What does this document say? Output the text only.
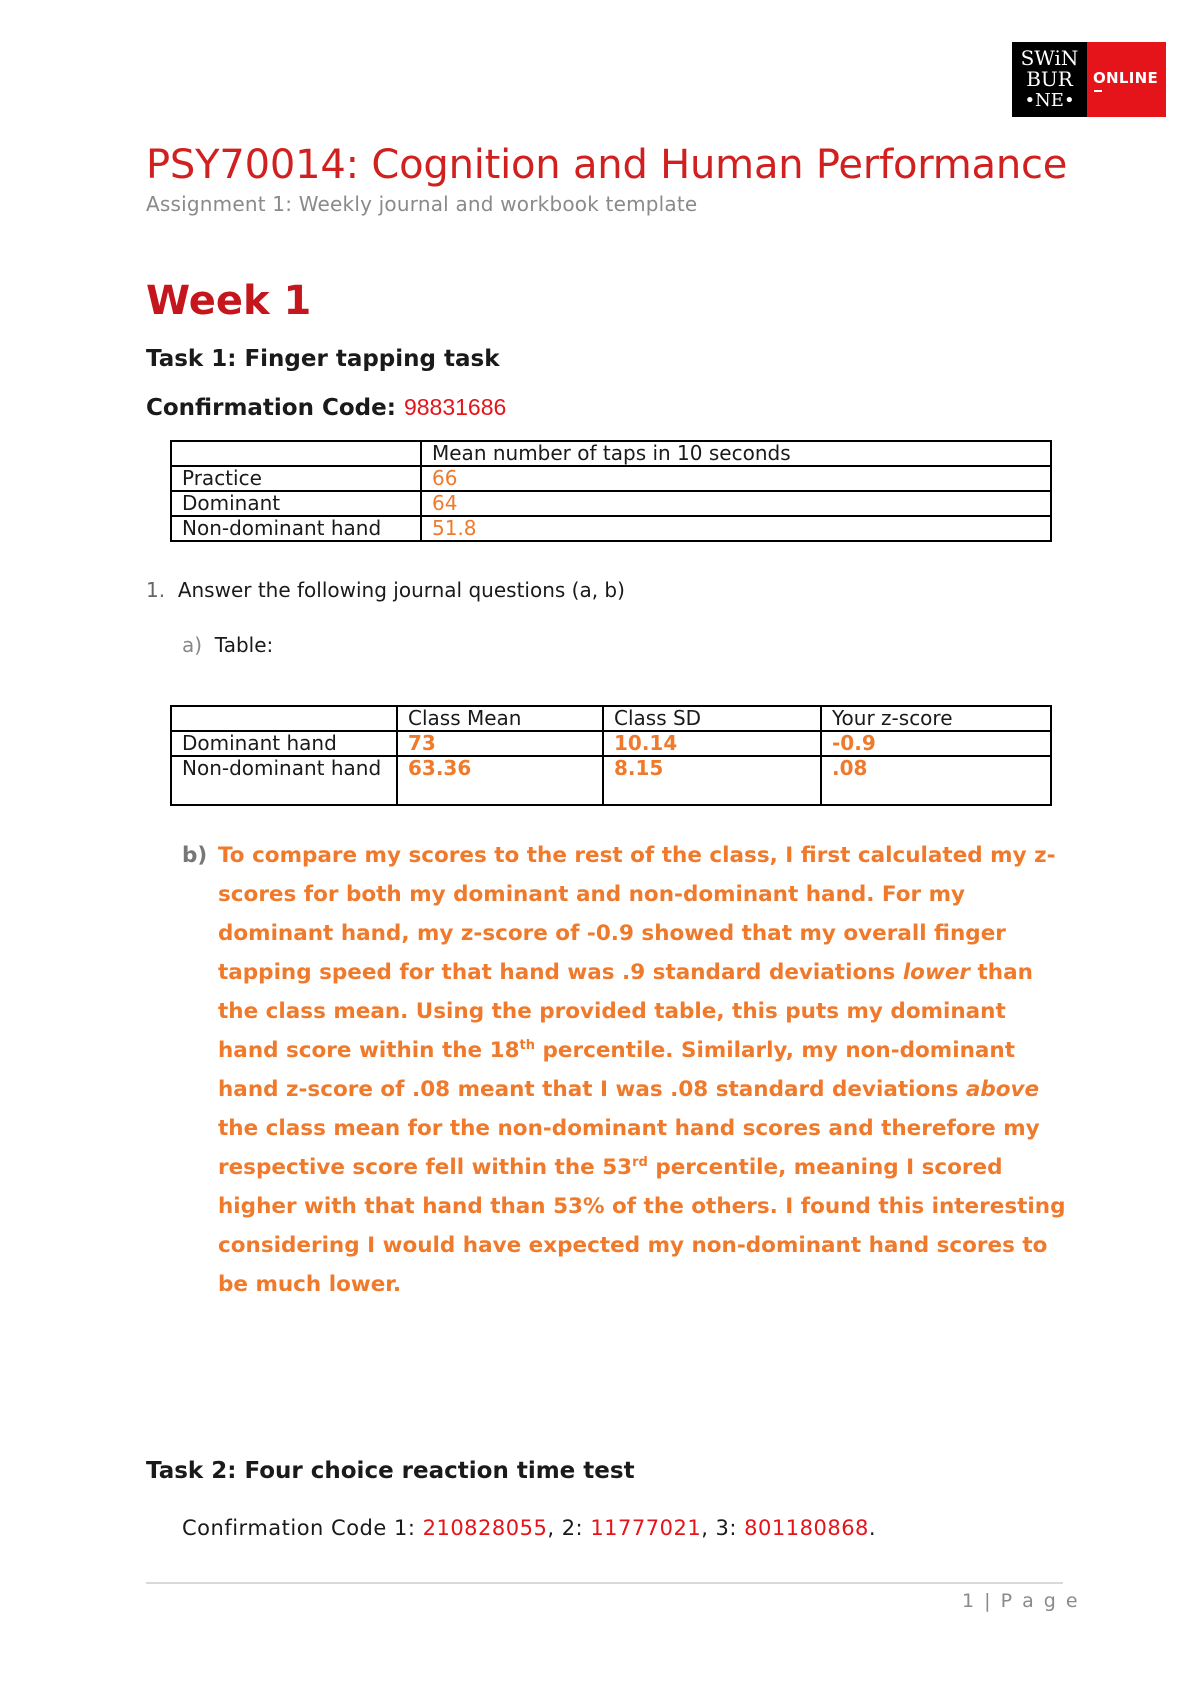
SWiN
BUR
•NE•
ONLINE
PSY70014: Cognition and Human Performance
Assignment 1: Weekly journal and workbook template
Week 1
Task 1: Finger tapping task
Confirmation Code: 98831686
	Mean number of taps in 10 seconds
Practice	66
Dominant	64
Non-dominant hand	51.8
1. Answer the following journal questions (a, b)
a) Table:
	Class Mean	Class SD	Your z-score
Dominant hand	73	10.14	-0.9
Non-dominant hand	63.36	8.15	.08
b) To compare my scores to the rest of the class, I first calculated my z-scores for both my dominant and non-dominant hand. For my dominant hand, my z-score of -0.9 showed that my overall finger tapping speed for that hand was .9 standard deviations lower than the class mean. Using the provided table, this puts my dominant hand score within the 18th percentile. Similarly, my non-dominant hand z-score of .08 meant that I was .08 standard deviations above the class mean for the non-dominant hand scores and therefore my respective score fell within the 53rd percentile, meaning I scored higher with that hand than 53% of the others. I found this interesting considering I would have expected my non-dominant hand scores to be much lower.
Task 2: Four choice reaction time test
Confirmation Code 1: 210828055, 2: 11777021, 3: 801180868.
1 | P a g e
